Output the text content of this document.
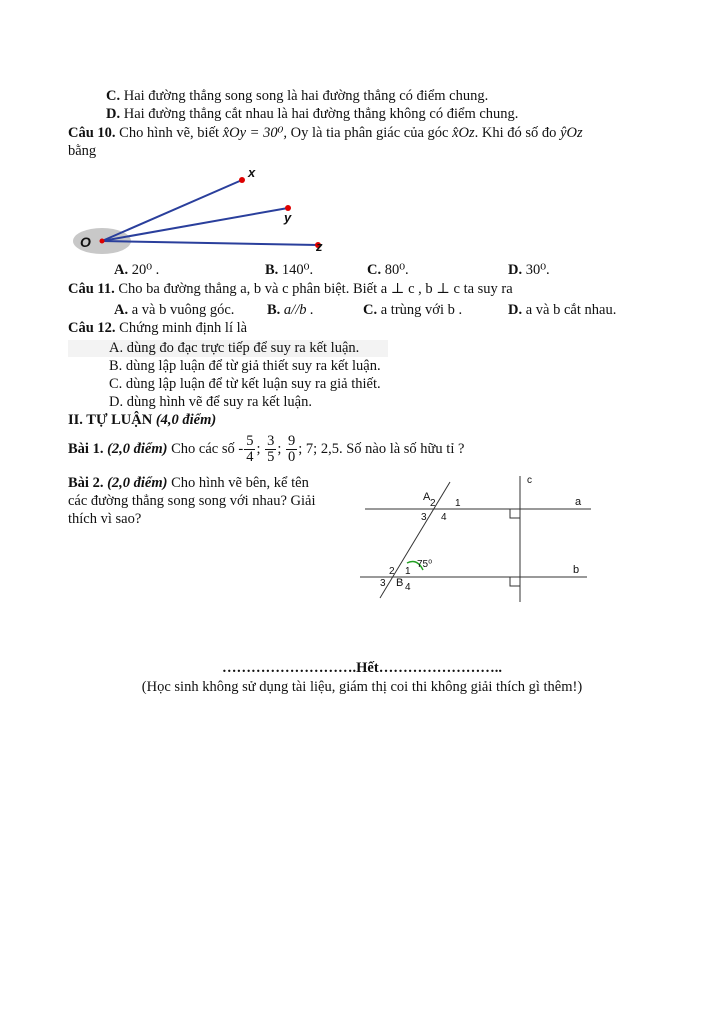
C. Hai đường thẳng song song là hai đường thẳng có điểm chung.
D. Hai đường thẳng cắt nhau là hai đường thẳng không có điểm chung.
Câu 10. Cho hình vẽ, biết x̂Oy = 30⁰, Oy là tia phân giác của góc x̂Oz. Khi đó số đo ŷOz
bằng
O
x
y
z
A. 20⁰ .	B. 140⁰.	C. 80⁰.	D. 30⁰.
Câu 11. Cho ba đường thẳng a, b và c phân biệt. Biết a ⊥ c , b ⊥ c ta suy ra
A. a và b vuông góc. B. a//b .	C. a trùng với b .	D. a và b cắt nhau.
Câu 12. Chứng minh định lí là
A. dùng đo đạc trực tiếp để suy ra kết luận.
B. dùng lập luận để từ giả thiết suy ra kết luận.
C. dùng lập luận để từ kết luận suy ra giả thiết.
D. dùng hình vẽ để suy ra kết luận.
II. TỰ LUẬN (4,0 điểm)
Bài 1. (2,0 điểm) Cho các số - $\frac{5}{4}$ ; $\frac{3}{5}$ ; $\frac{9}{0}$ ; 7; 2,5. Số nào là số hữu tỉ ?
Bài 2. (2,0 điểm) Cho hình vẽ bên, kể tên
các đường thẳng song song với nhau? Giải
thích vì sao?
c
a
b
A
2 1
3 4
75⁰
2 1
3 B 4
……………………….Hết……………………..
(Học sinh không sử dụng tài liệu, giám thị coi thi không giải thích gì thêm!)
